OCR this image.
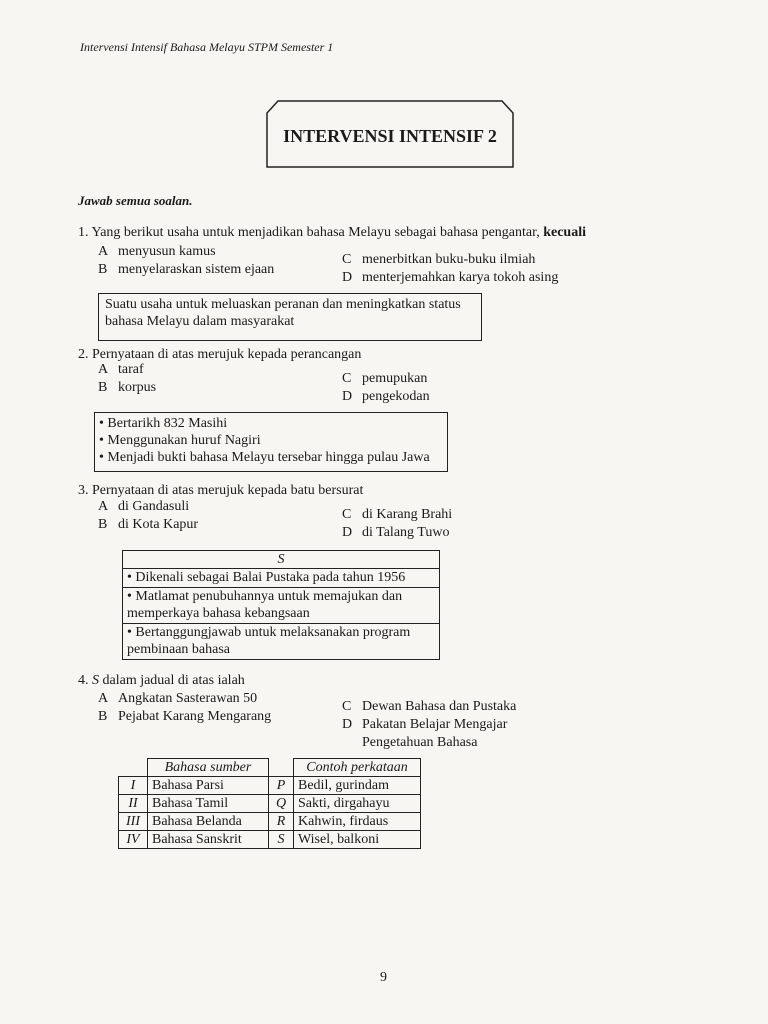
Intervensi Intensif Bahasa Melayu STPM Semester 1
INTERVENSI INTENSIF 2
Jawab semua soalan.
1. Yang berikut usaha untuk menjadikan bahasa Melayu sebagai bahasa pengantar, kecuali
A menyusun kamus
B menyelaraskan sistem ejaan
C menerbitkan buku-buku ilmiah
D menterjemahkan karya tokoh asing
Suatu usaha untuk meluaskan peranan dan meningkatkan status
bahasa Melayu dalam masyarakat
2. Pernyataan di atas merujuk kepada perancangan
A taraf
B korpus
C pemupukan
D pengekodan
• Bertarikh 832 Masihi
• Menggunakan huruf Nagiri
• Menjadi bukti bahasa Melayu tersebar hingga pulau Jawa
3. Pernyataan di atas merujuk kepada batu bersurat
A di Gandasuli
B di Kota Kapur
C di Karang Brahi
D di Talang Tuwo
S
• Dikenali sebagai Balai Pustaka pada tahun 1956
• Matlamat penubuhannya untuk memajukan dan
memperkaya bahasa kebangsaan
• Bertanggungjawab untuk melaksanakan program
pembinaan bahasa
4. S dalam jadual di atas ialah
A Angkatan Sasterawan 50
B Pejabat Karang Mengarang
C Dewan Bahasa dan Pustaka
D Pakatan Belajar Mengajar
Pengetahuan Bahasa
	Bahasa sumber		Contoh perkataan
I	Bahasa Parsi	P	Bedil, gurindam
II	Bahasa Tamil	Q	Sakti, dirgahayu
III	Bahasa Belanda	R	Kahwin, firdaus
IV	Bahasa Sanskrit	S	Wisel, balkoni
9
